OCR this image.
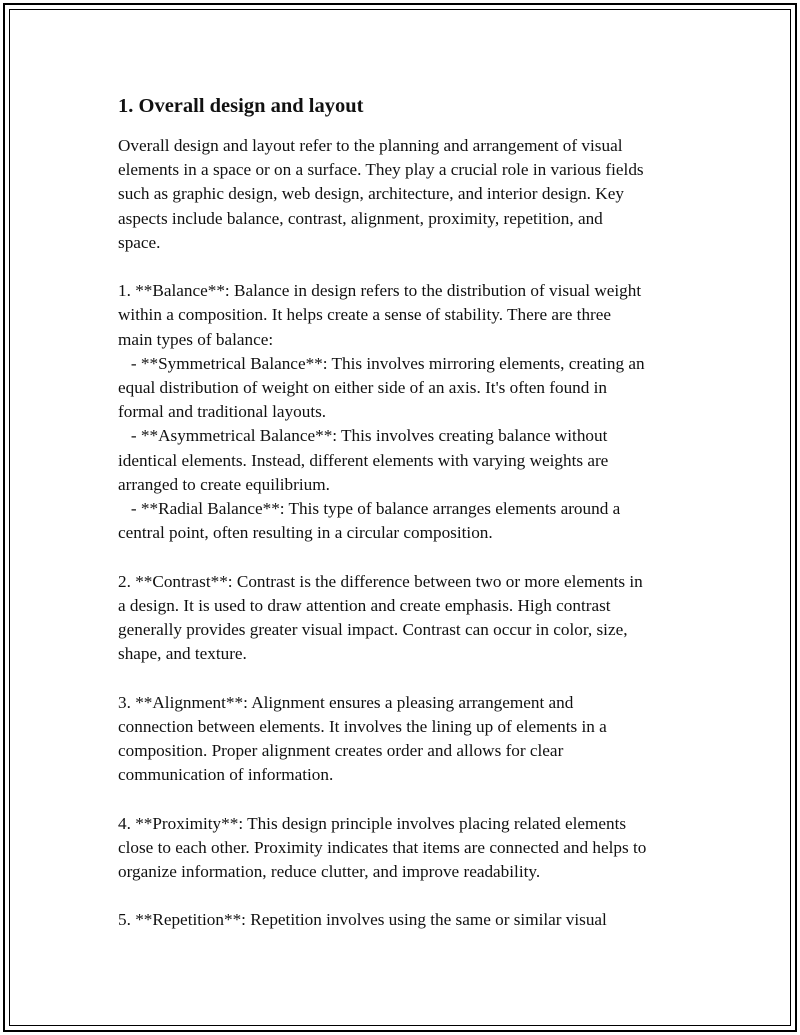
1. Overall design and layout

Overall design and layout refer to the planning and arrangement of visual
elements in a space or on a surface. They play a crucial role in various fields
such as graphic design, web design, architecture, and interior design. Key
aspects include balance, contrast, alignment, proximity, repetition, and
space.

1. **Balance**: Balance in design refers to the distribution of visual weight
within a composition. It helps create a sense of stability. There are three
main types of balance:
- **Symmetrical Balance**: This involves mirroring elements, creating an
equal distribution of weight on either side of an axis. It's often found in
formal and traditional layouts.
- **Asymmetrical Balance**: This involves creating balance without
identical elements. Instead, different elements with varying weights are
arranged to create equilibrium.
- **Radial Balance**: This type of balance arranges elements around a
central point, often resulting in a circular composition.

2. **Contrast**: Contrast is the difference between two or more elements in
a design. It is used to draw attention and create emphasis. High contrast
generally provides greater visual impact. Contrast can occur in color, size,
shape, and texture.

3. **Alignment**: Alignment ensures a pleasing arrangement and
connection between elements. It involves the lining up of elements in a
composition. Proper alignment creates order and allows for clear
communication of information.

4. **Proximity**: This design principle involves placing related elements
close to each other. Proximity indicates that items are connected and helps to
organize information, reduce clutter, and improve readability.

5. **Repetition**: Repetition involves using the same or similar visual
